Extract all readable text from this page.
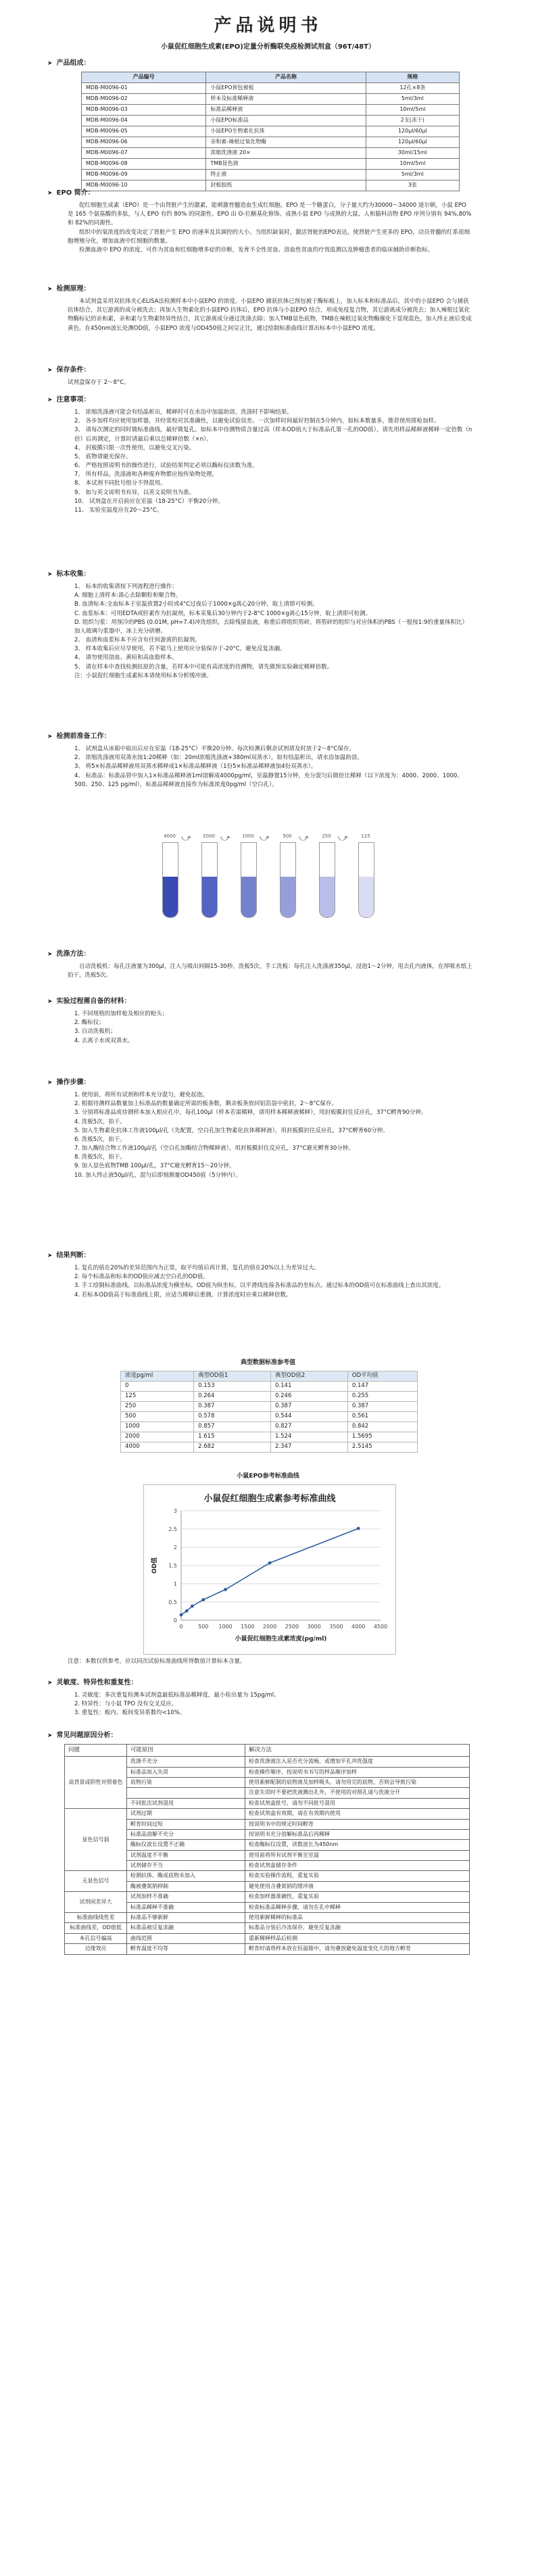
产品说明书
小鼠促红细胞生成素(EPO)定量分析酶联免疫检测试剂盒（96T/48T）
➤ 产品组成：
产品编号	产品名称	规格
MDB-M0096-01	小鼠EPO预包被板	12孔×8条
MDB-M0096-02	样本及标准稀释液	5ml/3ml
MDB-M0096-03	标准品稀释液	10ml/5ml
MDB-M0096-04	小鼠EPO标准品	2支(冻干)
MDB-M0096-05	小鼠EPO生物素化抗体	120μl/60μl
MDB-M0096-06	亲和素-辣根过氧化物酶	120μl/60μl
MDB-M0096-07	浓缩洗涤液 20×	30ml/15ml
MDB-M0096-08	TMB显色液	10ml/5ml
MDB-M0096-09	终止液	5ml/3ml
MDB-M0096-10	封板胶纸	3张
➤ EPO 简介：
促红细胞生成素（EPO）是一个由肾脏产生的激素，能刺激骨髓造血生成红细胞。EPO 是一个糖蛋白，分子量大约为30000～34000 道尔顿，小鼠 EPO 是 165 个氨基酸的多肽，与人 EPO 有约 80% 的同源性。EPO 由 O-位糖基化修饰。成熟小鼠 EPO 与成熟的大鼠、人和猫科动物 EPO 序列分别有 94%,80%和 82%的同源性。
组织中的氧浓度的改变决定了肾脏产生 EPO 的速率及其调控的大小。当组织缺氧时，激活肾脏的EPO表达，使肾脏产生更多的 EPO，动员骨髓的红系祖细胞增殖分化，增加血液中红细胞的数量。
检测血液中 EPO 的浓度，可作为贫血和红细胞增多症的诊断，发育不全性贫血、溶血性贫血的疗效监测以及肿瘤患者的临床辅助诊断指标。
➤ 检测原理：
本试剂盒采用双抗体夹心ELISA法检测样本中小鼠EPO 的浓度。小鼠EPO 捕获抗体已预包被于酶标板上，加入标本和标准品后，其中的小鼠EPO 会与捕获抗体结合，其它游离的成分被洗去；再加入生物素化的小鼠EPO 抗体后，EPO 抗体与小鼠EPO 结合，形成免疫复合物，其它游离成分被洗去；加入辣根过氧化物酶标记的亲和素，亲和素与生物素特异性结合，其它游离成分通过洗涤去除；加入TMB显色底物，TMB在辣根过氧化物酶催化下显现蓝色，加入终止液后变成黄色。在450nm波长处测OD值，小鼠EPO 浓度与OD450值之间呈正比，通过绘制标准曲线计算出标本中小鼠EPO 浓度。
➤ 保存条件：
试剂盒保存于 2～8°C。
➤ 注意事项：
1、 浓缩洗涤液可能会有结晶析出，稀释时可在水浴中加温助溶，洗涤时不影响结果。
2、 各步加样均应使用加样器，并经常校对其准确性，以避免试验误差。一次加样时间最好控制在5分钟内，如标本数量多，推荐使用排枪加样。
3、 请每次测定的同时做标准曲线，最好做复孔。如标本中待测物质含量过高（样本OD值大于标准品孔第一孔的OD值），请先用样品稀释液稀释一定倍数（n倍）后再测定，计算时请最后乘以总稀释倍数（×n）。
4、 封板膜只限一次性使用，以避免交叉污染。
5、 底物请避光保存。
6、 严格按照说明书的操作进行，试验结果判定必须以酶标仪读数为准。
7、 所有样品，洗涤液和各种废弃物都应按传染物处理。
8、 本试剂不同批号组分不得混用。
9、 如与英文说明书有异，以英文说明书为准。
10、 试剂盒在开启前应在室温（18-25°C）平衡20分钟。
11、 实验室温度应在20～25°C。
➤ 标本收集：
1、 标本的收集请按下列流程进行操作：
A. 细胞上清样本:离心去除颗粒和聚合物。
B. 血清标本:全血标本于室温放置2小时或4°C过夜后于1000×g离心20分钟，取上清即可检测。
C. 血浆标本：可用EDTA或肝素作为抗凝剂，标本采集后30分钟内于2-8°C 1000×g离心15分钟，取上清即可检测。
D. 组织匀浆：用预冷的PBS (0.01M, pH=7.4)冲洗组织，去除残留血液，称重后将组织剪碎。将剪碎的组织与对应体积的PBS（一般按1:9的重量体积比）加入玻璃匀浆器中，冰上充分研磨。
2、 血清和血浆标本不应含有任何游离的抗凝剂。
3、 样本收集后应尽早使用，若不能马上使用应分装保存于-20°C，避免反复冻融。
4、 请勿使用溶血、黄疸和高血脂样本。
5、 请在样本中查找检测抗原的含量，若样本中可能有高浓度的待测物，请先做预实验确定稀释倍数。
注：小鼠促红细胞生成素标本请使用标本分析缓冲液。
➤ 检测前准备工作：
1、 试剂盒从冰箱中取出后应在室温（18-25°C）平衡20分钟。每次检测后剩余试剂请及时放于2～8°C保存。
2、 浓缩洗涤液用双蒸水按1:20稀释（如：20ml浓缩洗涤液+380ml双蒸水），如有结晶析出，请水浴加温助溶。
3、 将5×标准品稀释液用双蒸水稀释成1×标准品稀释液（1份5×标准品稀释液加4份双蒸水）。
4、 标准品：标准品管中加入1×标准品稀释液1ml溶解成4000pg/ml，室温静置15分钟，充分混匀后做倍比稀释（以下浓度为：4000、2000、1000、500、250、125 pg/ml），标准品稀释液直接作为标准浓度0pg/ml（空白孔）。
4000 ⤻	2000 ⤻	1000 ⤻	500 ⤻	250 ⤻	125
➤ 洗涤方法：
自动洗板机：每孔注液量为300μl，注入与吸出间隔15-30秒，洗板5次。手工洗板：每孔注入洗涤液350μl，浸泡1～2分钟，甩去孔内液体，在厚吸水纸上拍干，洗板5次。
➤ 实验过程需自备的材料：
1. 不同规格的加样枪及相应的枪头；
2. 酶标仪；
3. 自动洗板机；
4. 去离子水或双蒸水。
➤ 操作步骤：
1. 使用前，将所有试剂和样本充分混匀，避免起泡。
2. 根据待测样品数量加上标准品的数量确定所需的板条数，剩余板条放回铝箔袋中密封，2～8°C保存。
3. 分别将标准品或待测样本加入相应孔中，每孔100μl（样本若需稀释，请用样本稀释液稀释），用封板膜封住反应孔，37°C孵育90分钟。
4. 洗板5次，拍干。
5. 加入生物素化抗体工作液100μl/孔（先配置，空白孔加生物素化抗体稀释液），用封板膜封住反应孔，37°C孵育60分钟。
6. 洗板5次，拍干。
7. 加入酶结合物工作液100μl/孔（空白孔加酶结合物稀释液），用封板膜封住反应孔，37°C避光孵育30分钟。
8. 洗板5次，拍干。
9. 加入显色底物TMB 100μl/孔，37°C避光孵育15～20分钟。
10. 加入终止液50μl/孔，混匀后即刻测量OD450值（5分钟内）。
➤ 结果判断：
1. 复孔的值在20%的差异范围内为正常，取平均值后再计算，复孔的值在20%以上为差异过大。
2. 每个标准品和标本的OD值应减去空白孔的OD值。
3. 手工绘制标准曲线。以标准品浓度为横坐标，OD值为纵坐标，以平滑线连接各标准品的坐标点。通过标本的OD值可在标准曲线上查出其浓度。
4. 若标本OD值高于标准曲线上限，应适当稀释后重测，计算浓度时应乘以稀释倍数。
典型数据标准参考值
浓度pg/ml	典型OD值1	典型OD值2	OD平均值
0	0.153	0.141	0.147
125	0.264	0.246	0.255
250	0.387	0.387	0.387
500	0.578	0.544	0.561
1000	0.857	0.827	0.842
2000	1.615	1.524	1.5695
4000	2.682	2.347	2.5145
小鼠EPO参考标准曲线
小鼠促红细胞生成素参考标准曲线
0
0.5
1
1.5
2
2.5
3
0	500 1000 1500 2000 2500 3000 3500 4000 4500
小鼠促红细胞生成素浓度(pg/ml)
OD值
注意：本数仅供参考，应以同次试验标准曲线所得数值计算标本含量。
➤ 灵敏度、特异性和重复性：
1. 灵敏度：多次重复检测本试剂盒最低标准品稀释度，最小检出量为 15pg/ml。
2. 特异性：与小鼠 TPO 没有交叉反应。
3. 重复性：板内、板间变异系数均<10%。
➤ 常见问题原因分析：
问题	可能原因	解决方法
高背景或阴性对照着色	洗涤不充分	检查洗涤液注入是否充分流畅，或增加平孔冲洗强度
	标准品加入失误	检查操作顺序，按说明书书写的样品顺序加样
	底物污染	使用新鲜配制的底物液及加样吸头，请勿用完的底物，否则会导致污染
		注意失误时不要把洗液溅出孔外，不使用的对照孔请与洗液分开
	不同批次试剂混用	检查试剂盒批号，请勿不同批号混用
显色信号弱	试剂过期	检查试剂盒有效期，请在有效期内使用
	孵育时间过短	按说明书中的规定时间孵育
	标准品溶解不充分	按说明书充分溶解标准品后再稀释
	酶标仪波长设置不正确	检查酶标仪设置，读数波长为450nm
	试剂温度不平衡	使用前将所有试剂平衡至室温
	试剂储存不当	检查试剂盒储存条件
无显色信号	检测抗体、酶或底物未加入	检查实验操作流程，重复实验
	酶被叠氮钠抑制	避免使用含叠氮钠的缓冲液
试剂间差异大	试剂加样不准确	检查加样器准确性，重复实验
	标准品稀释不准确	检查标准品稀释步骤，请勿在孔中稀释
标准曲线线性差	标准品不够新鲜	使用新鲜稀释的标准品
标准曲线差，OD值低	标准品被反复冻融	标准品分装后冷冻保存，避免反复冻融
本孔信号偏高	曲线范围	重新稀释样品后检测
边缘效应	孵育温度不均等	孵育时请将样本放在恒温箱中，请勿叠放避免温度变化大的地方孵育
